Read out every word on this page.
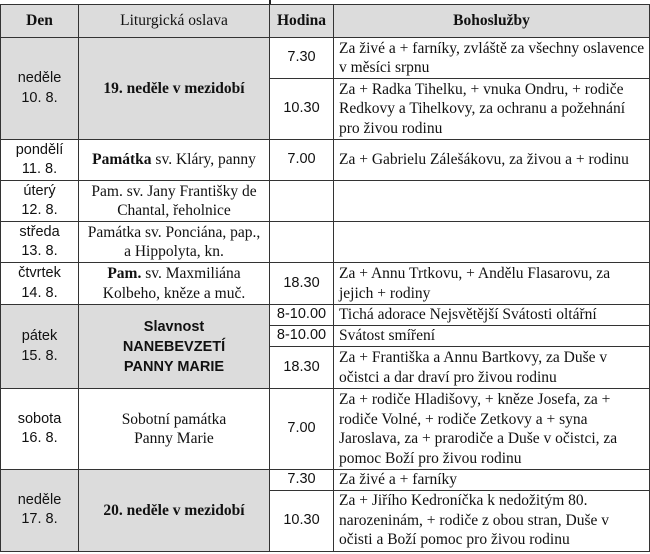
Den	Liturgická oslava	Hodina	Bohoslužby
neděle
10. 8.	19. neděle v mezidobí	7.30	Za živé a + farníky, zvláště za všechny oslavence v měsíci srpnu
		10.30	Za + Radka Tihelku, + vnuka Ondru, + rodiče Redkovy a Tihelkovy, za ochranu a požehnání pro živou rodinu
pondělí
11. 8.	Památka sv. Kláry, panny	7.00	Za + Gabrielu Zálešákovu, za živou a + rodinu
úterý
12. 8.	Pam. sv. Jany Františky de Chantal, řeholnice		
středa
13. 8.	Památka sv. Ponciána, pap., a Hippolyta, kn.		
čtvrtek
14. 8.	Pam. sv. Maxmiliána Kolbeho, kněze a muč.	18.30	Za + Annu Trtkovu, + Andělu Flasarovu, za jejich + rodiny
pátek
15. 8.	Slavnost
NANEBEVZETÍ
PANNY MARIE	8-10.00	Tichá adorace Nejsvětější Svátosti oltářní
		8-10.00	Svátost smíření
		18.30	Za + Františka a Annu Bartkovy, za Duše v očistci a dar draví pro živou rodinu
sobota
16. 8.	Sobotní památka
Panny Marie	7.00	Za + rodiče Hladišovy, + kněze Josefa, za + rodiče Volné, + rodiče Zetkovy a + syna Jaroslava, za + prarodiče a Duše v očistci, za pomoc Boží pro živou rodinu
neděle
17. 8.	20. neděle v mezidobí	7.30	Za živé a + farníky
		10.30	Za + Jiřího Kedroníčka k nedožitým 80. narozeninám, + rodiče z obou stran, Duše v očisti a Boží pomoc pro živou rodinu
